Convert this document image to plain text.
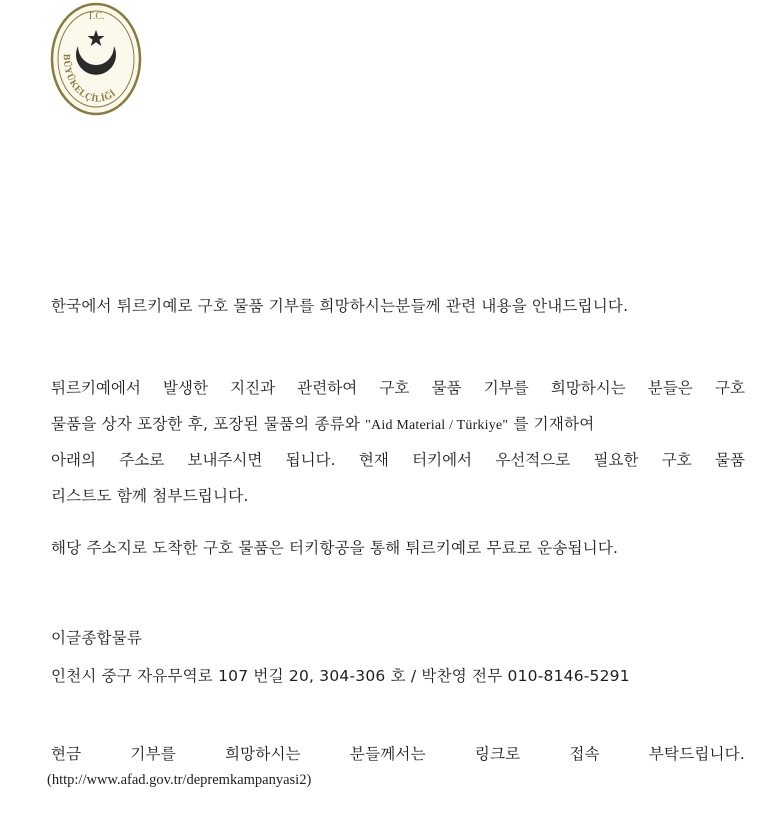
T.C.
BÜYÜKELÇİLİĞİ
한국에서 튀르키예로 구호 물품 기부를 희망하시는분들께 관련 내용을 안내드립니다.
튀르키예에서 발생한 지진과 관련하여 구호 물품 기부를 희망하시는 분들은 구호
물품을 상자 포장한 후, 포장된 물품의 종류와 "Aid Material / Türkiye" 를 기재하여
아래의 주소로 보내주시면 됩니다. 현재 터키에서 우선적으로 필요한 구호 물품
리스트도 함께 첨부드립니다.
해당 주소지로 도착한 구호 물품은 터키항공을 통해 튀르키예로 무료로 운송됩니다.
이글종합물류
인천시 중구 자유무역로 107 번길 20, 304-306 호 / 박찬영 전무 010-8146-5291
현금	기부를	희망하시는	분들께서는	링크로	접속	부탁드립니다.
(http://www.afad.gov.tr/depremkampanyasi2)
